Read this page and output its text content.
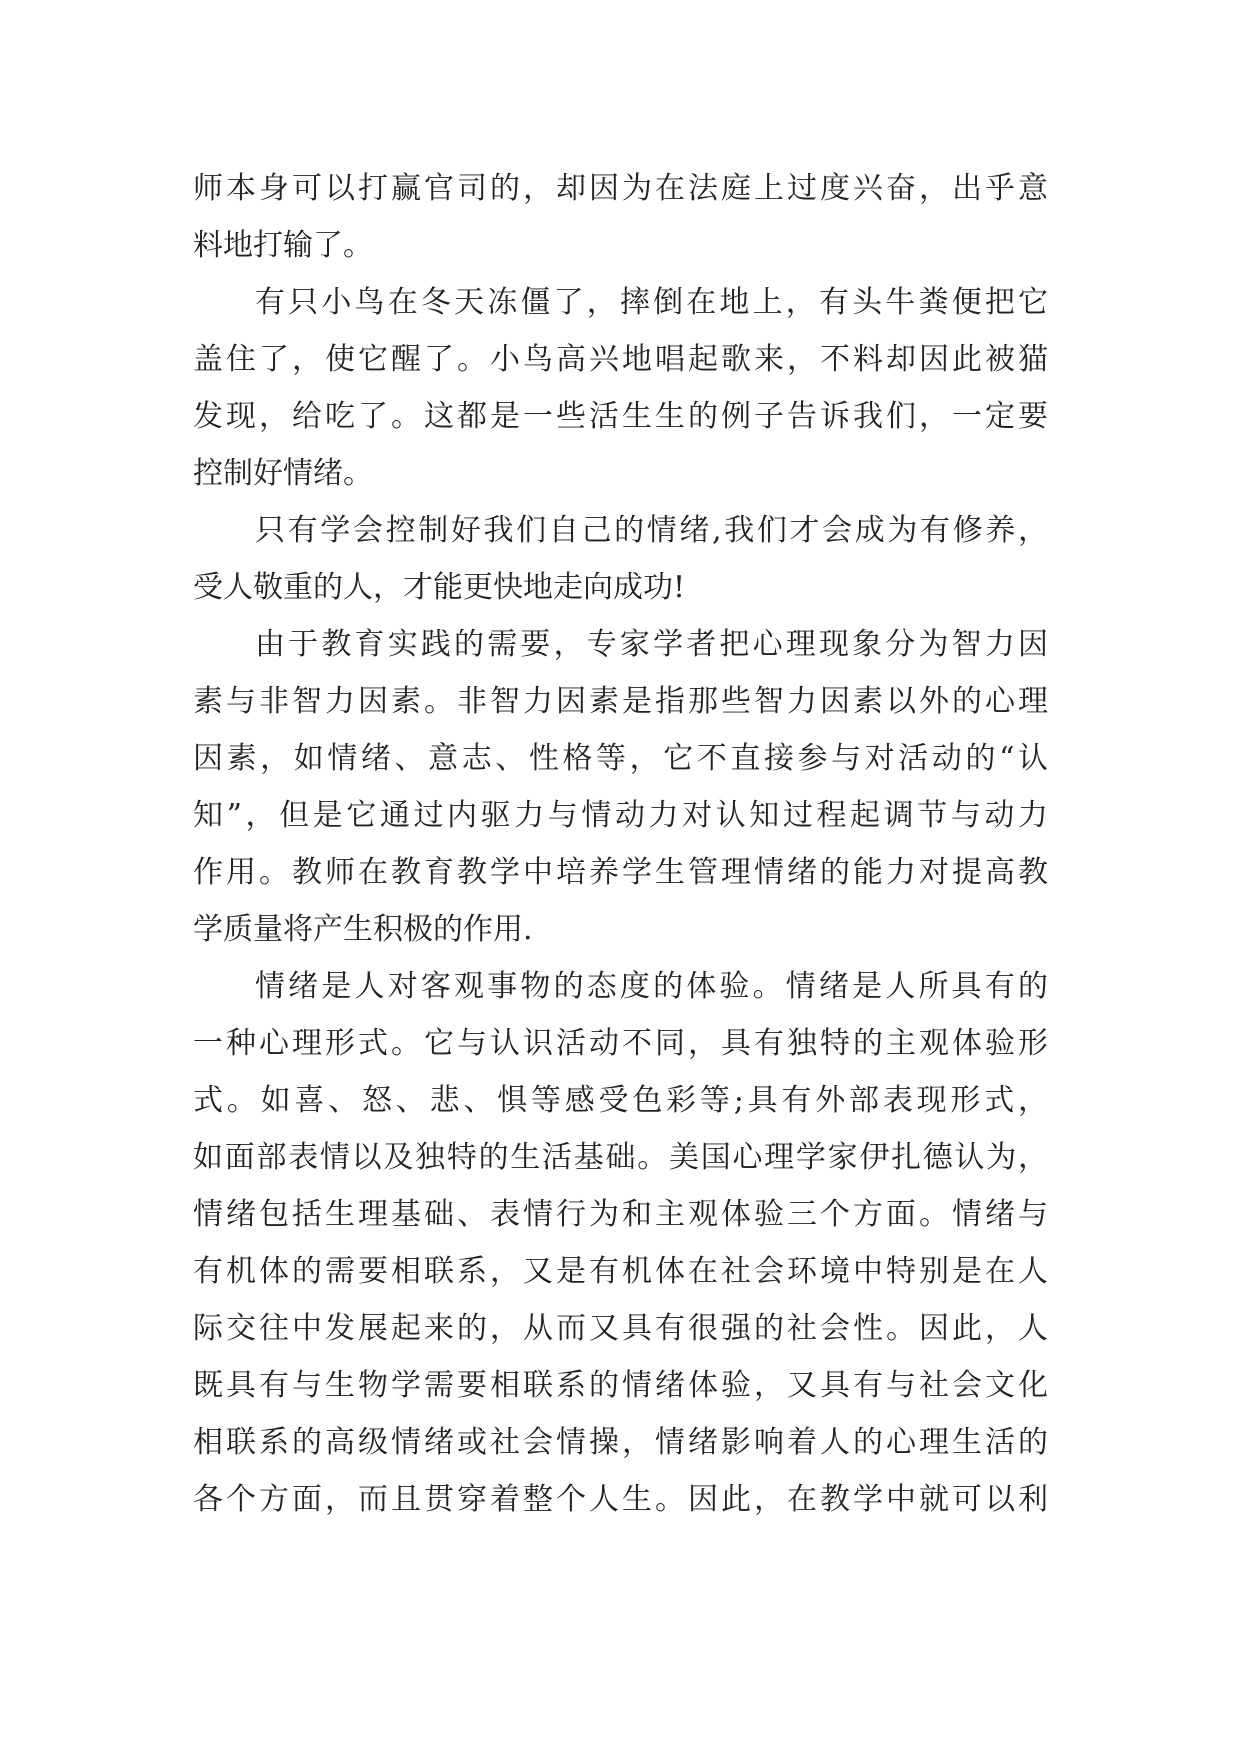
师本身可以打赢官司的，却因为在法庭上过度兴奋，出乎意
料地打输了。
有只小鸟在冬天冻僵了，摔倒在地上，有头牛粪便把它
盖住了，使它醒了。小鸟高兴地唱起歌来，不料却因此被猫
发现，给吃了。这都是一些活生生的例子告诉我们，一定要
控制好情绪。
只有学会控制好我们自己的情绪,我们才会成为有修养，
受人敬重的人，才能更快地走向成功!
由于教育实践的需要，专家学者把心理现象分为智力因
素与非智力因素。非智力因素是指那些智力因素以外的心理
因素，如情绪、意志、性格等，它不直接参与对活动的“认
知”，但是它通过内驱力与情动力对认知过程起调节与动力
作用。教师在教育教学中培养学生管理情绪的能力对提高教
学质量将产生积极的作用.
情绪是人对客观事物的态度的体验。情绪是人所具有的
一种心理形式。它与认识活动不同，具有独特的主观体验形
式。如喜、怒、悲、惧等感受色彩等;具有外部表现形式，
如面部表情以及独特的生活基础。美国心理学家伊扎德认为，
情绪包括生理基础、表情行为和主观体验三个方面。情绪与
有机体的需要相联系，又是有机体在社会环境中特别是在人
际交往中发展起来的，从而又具有很强的社会性。因此，人
既具有与生物学需要相联系的情绪体验，又具有与社会文化
相联系的高级情绪或社会情操，情绪影响着人的心理生活的
各个方面，而且贯穿着整个人生。因此，在教学中就可以利
